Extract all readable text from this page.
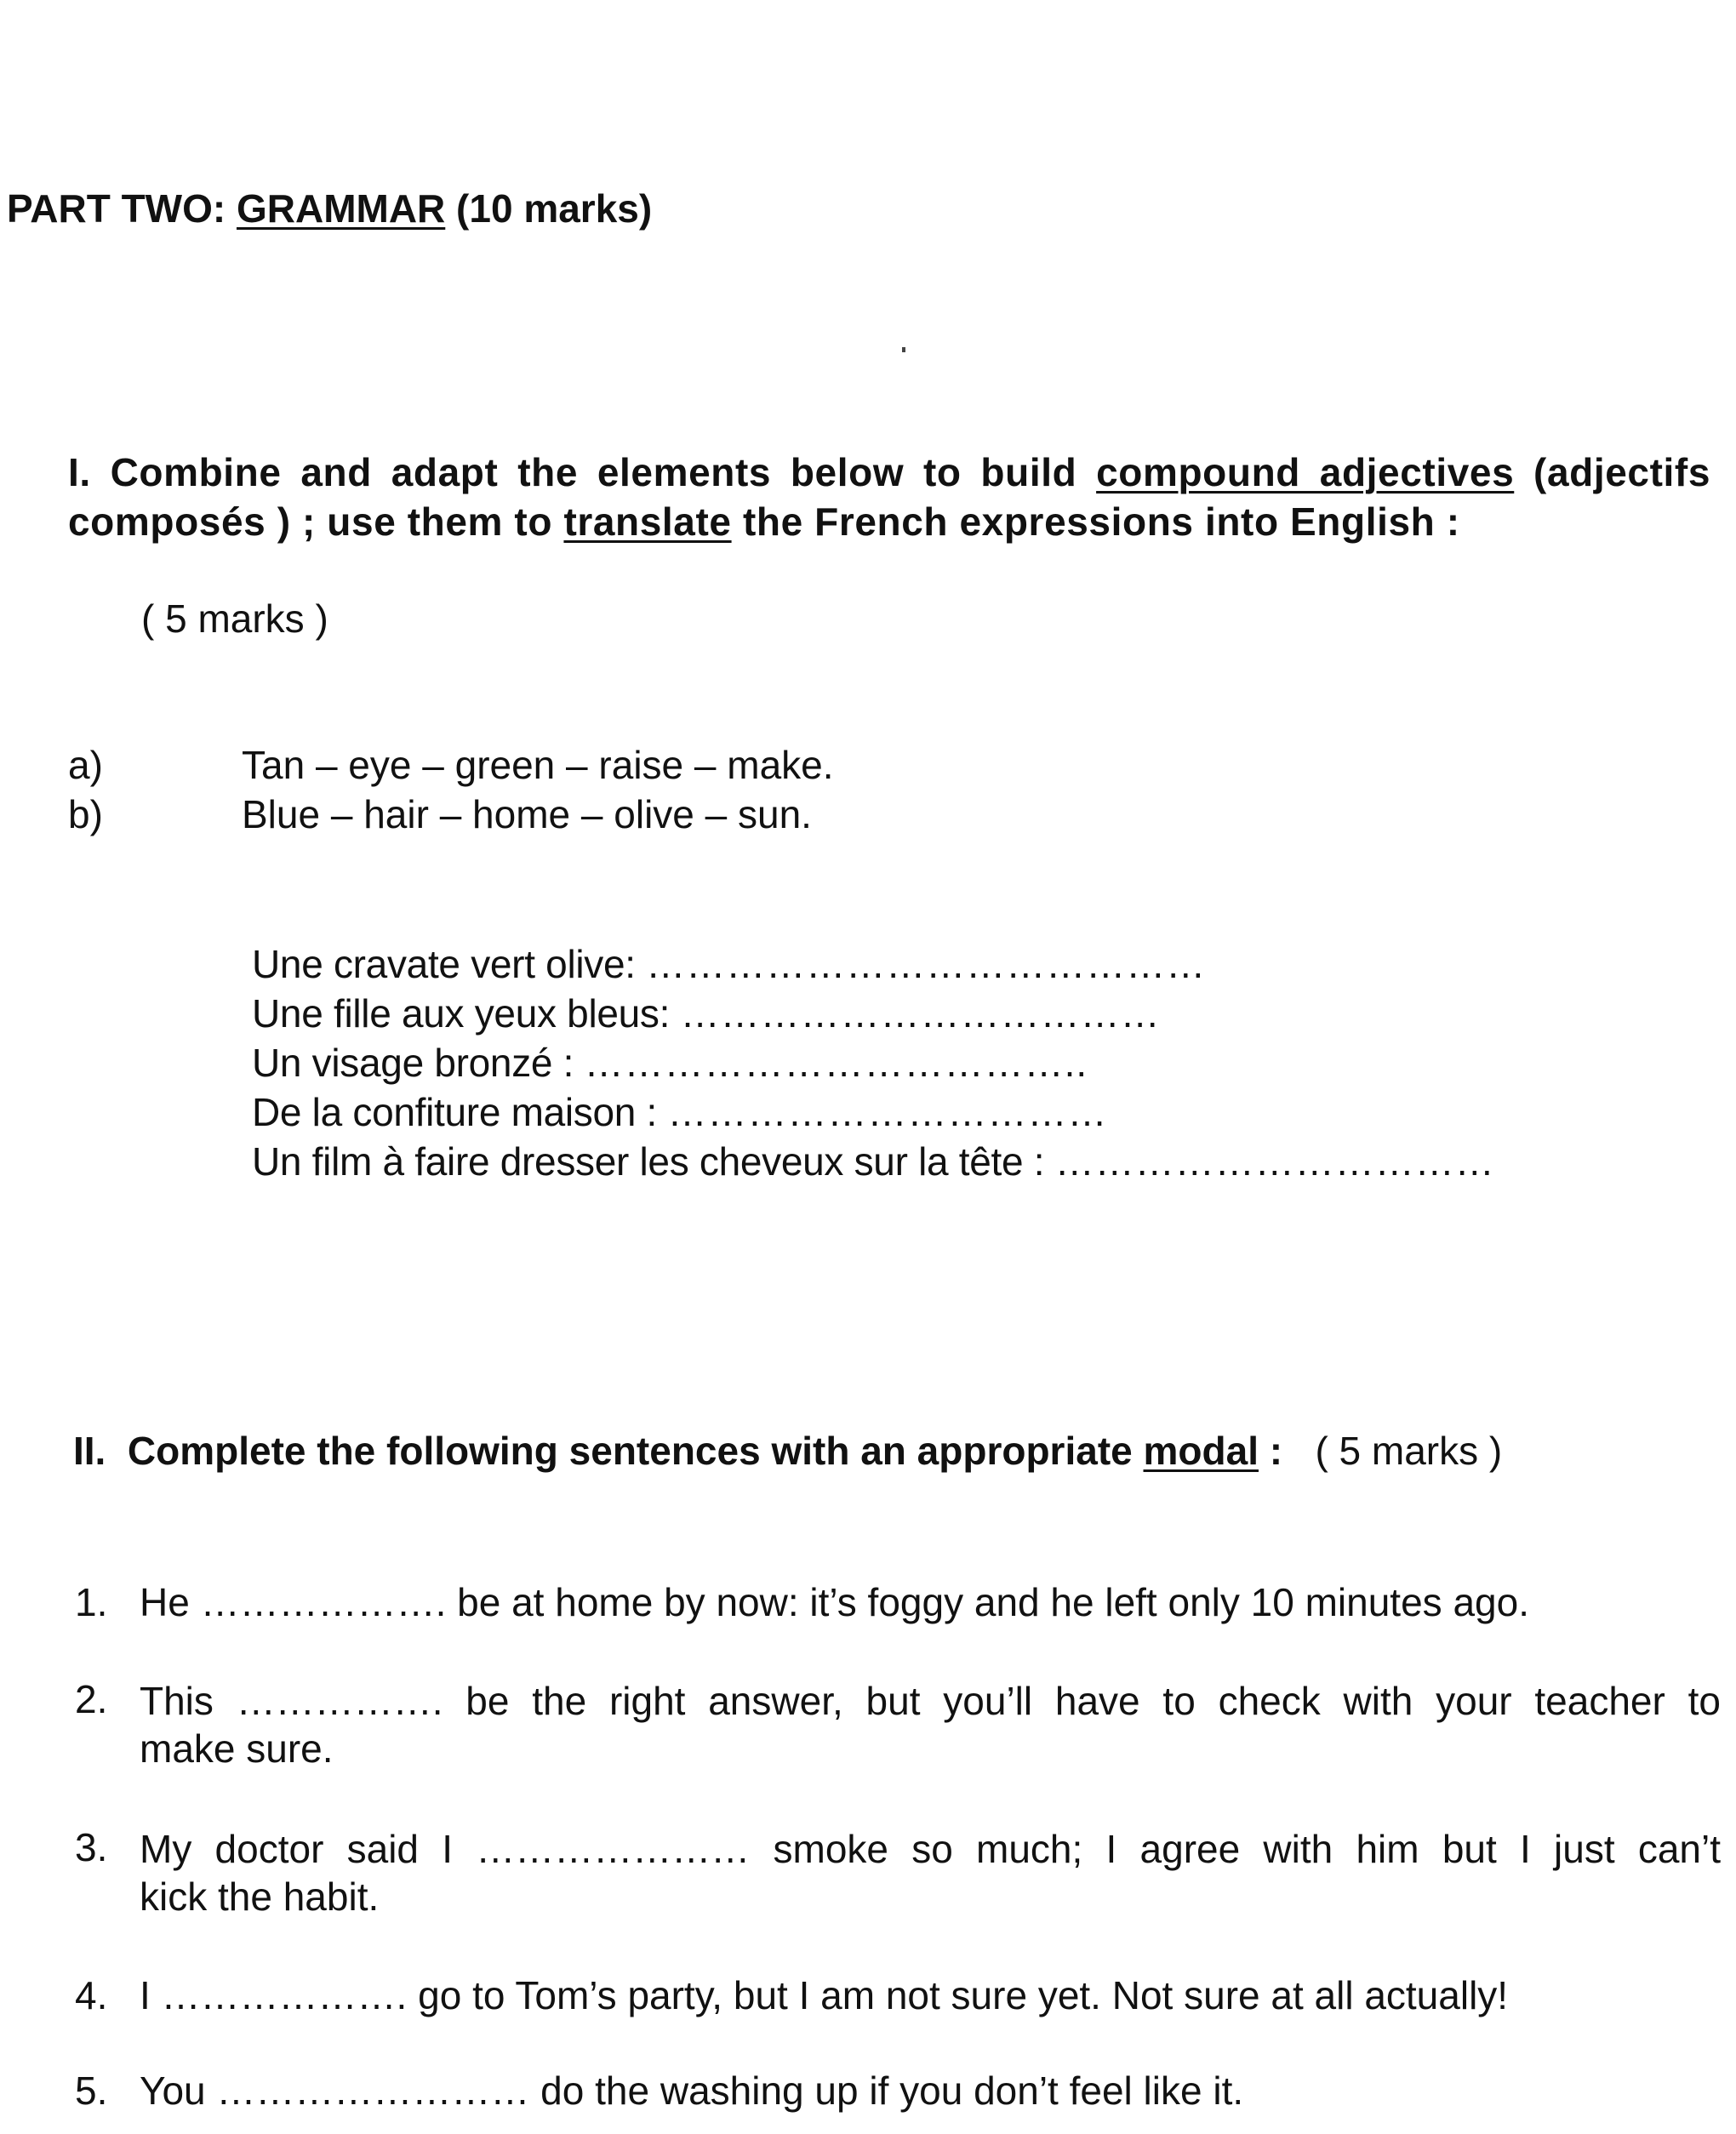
PART TWO: GRAMMAR (10 marks)
I. Combine and adapt the elements below to build compound adjectives (adjectifs composés ) ; use them to translate the French expressions into English :
( 5 marks )
a)	Tan – eye – green – raise – make.
b)	Blue – hair – home – olive – sun.
Une cravate vert olive: ……………………………………
Une fille aux yeux bleus: ………………………………
Un visage bronzé : ………………………………..
De la confiture maison : ……………………………
Un film à faire dresser les cheveux sur la tête : ……………………………
II. Complete the following sentences with an appropriate modal : ( 5 marks )
1. He ………………. be at home by now: it’s foggy and he left only 10 minutes ago.
2. This ……………. be the right answer, but you’ll have to check with your teacher to
make sure.
3. My doctor said I ………………… smoke so much; I agree with him but I just can’t
kick the habit.
4. I ………………. go to Tom’s party, but I am not sure yet. Not sure at all actually!
5. You …………………… do the washing up if you don’t feel like it.
